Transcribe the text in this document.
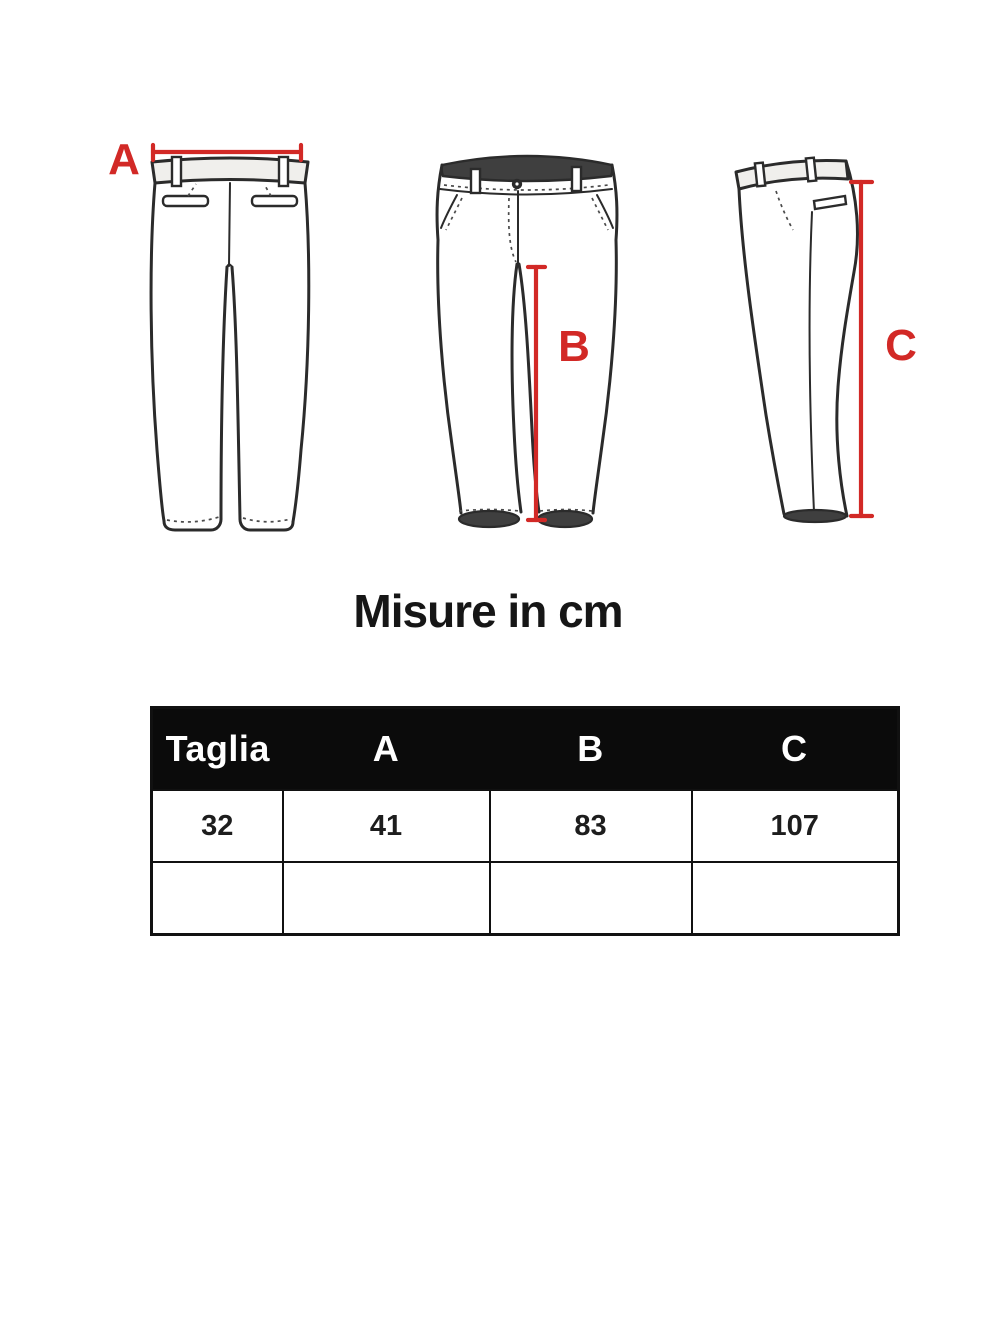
A
B	C
Misure in cm
Taglia	A	B	C
32	41	83	107
